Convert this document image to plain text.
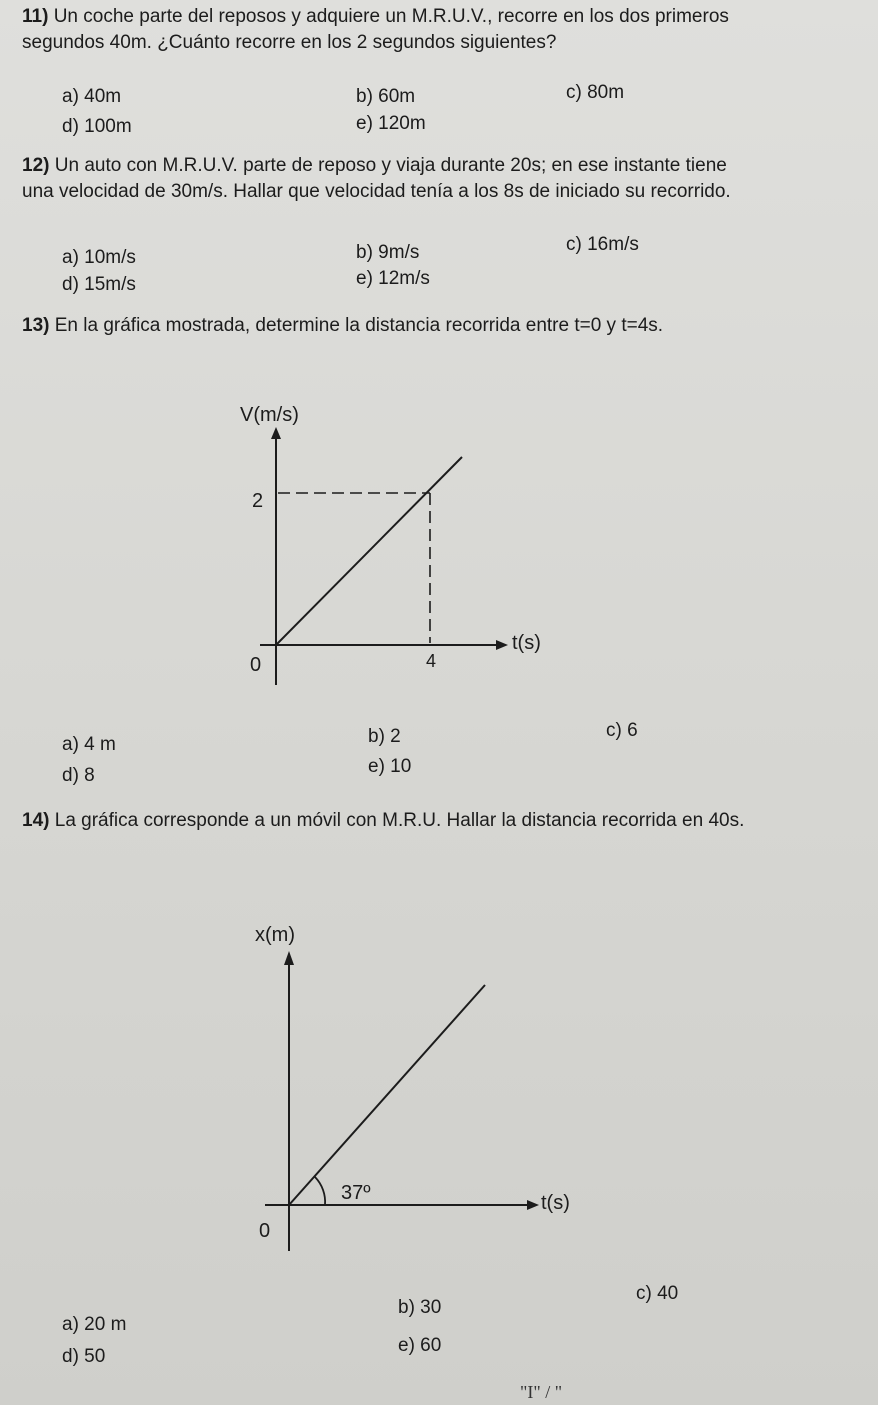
11) Un coche parte del reposos y adquiere un M.R.U.V., recorre en los dos primeros segundos 40m. ¿Cuánto recorre en los 2 segundos siguientes?
a) 40m	b) 60m	c) 80m
d) 100m	e) 120m
12) Un auto con M.R.U.V. parte de reposo y viaja durante 20s; en ese instante tiene una velocidad de 30m/s. Hallar que velocidad tenía a los 8s de iniciado su recorrido.
a) 10m/s	b) 9m/s	c) 16m/s
d) 15m/s	e) 12m/s
13) En la gráfica mostrada, determine la distancia recorrida entre t=0 y t=4s.
V(m/s)
t(s)
2
0	4
a) 4 m	b) 2	c) 6
d) 8	e) 10
14) La gráfica corresponde a un móvil con M.R.U. Hallar la distancia recorrida en 40s.
x(m)
t(s)
0
37º
a) 20 m
b) 30
c) 40
d) 50
e) 60
"I" / "
